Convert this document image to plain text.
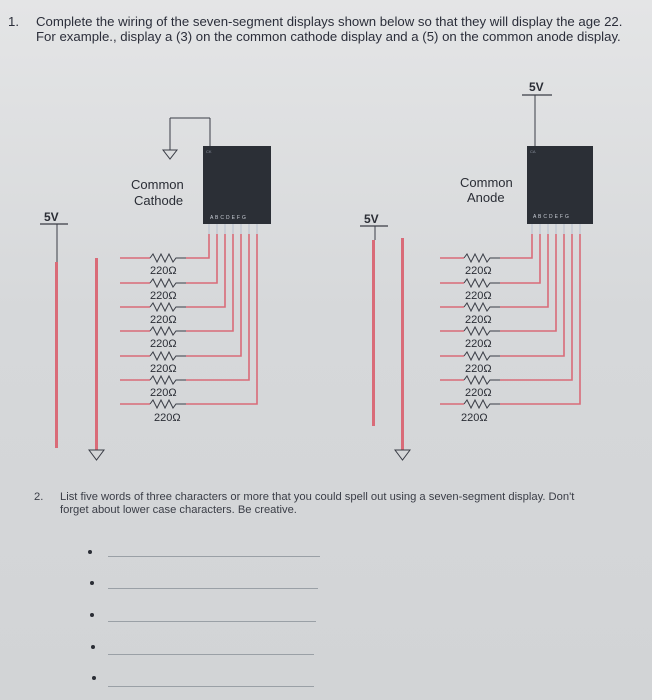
1. Complete the wiring of the seven-segment displays shown below so that they will display the age 22. For example., display a (3) on the common cathode display and a (5) on the common anode display.
5V
Common
Cathode
CK
A B C D E F G
220Ω
220Ω
220Ω
220Ω
220Ω
220Ω
220Ω
5V
5V
Common
Anode
CA
A B C D E F G
220Ω
220Ω
220Ω
220Ω
220Ω
220Ω
220Ω
2. List five words of three characters or more that you could spell out using a seven-segment display. Don't forget about lower case characters. Be creative.
